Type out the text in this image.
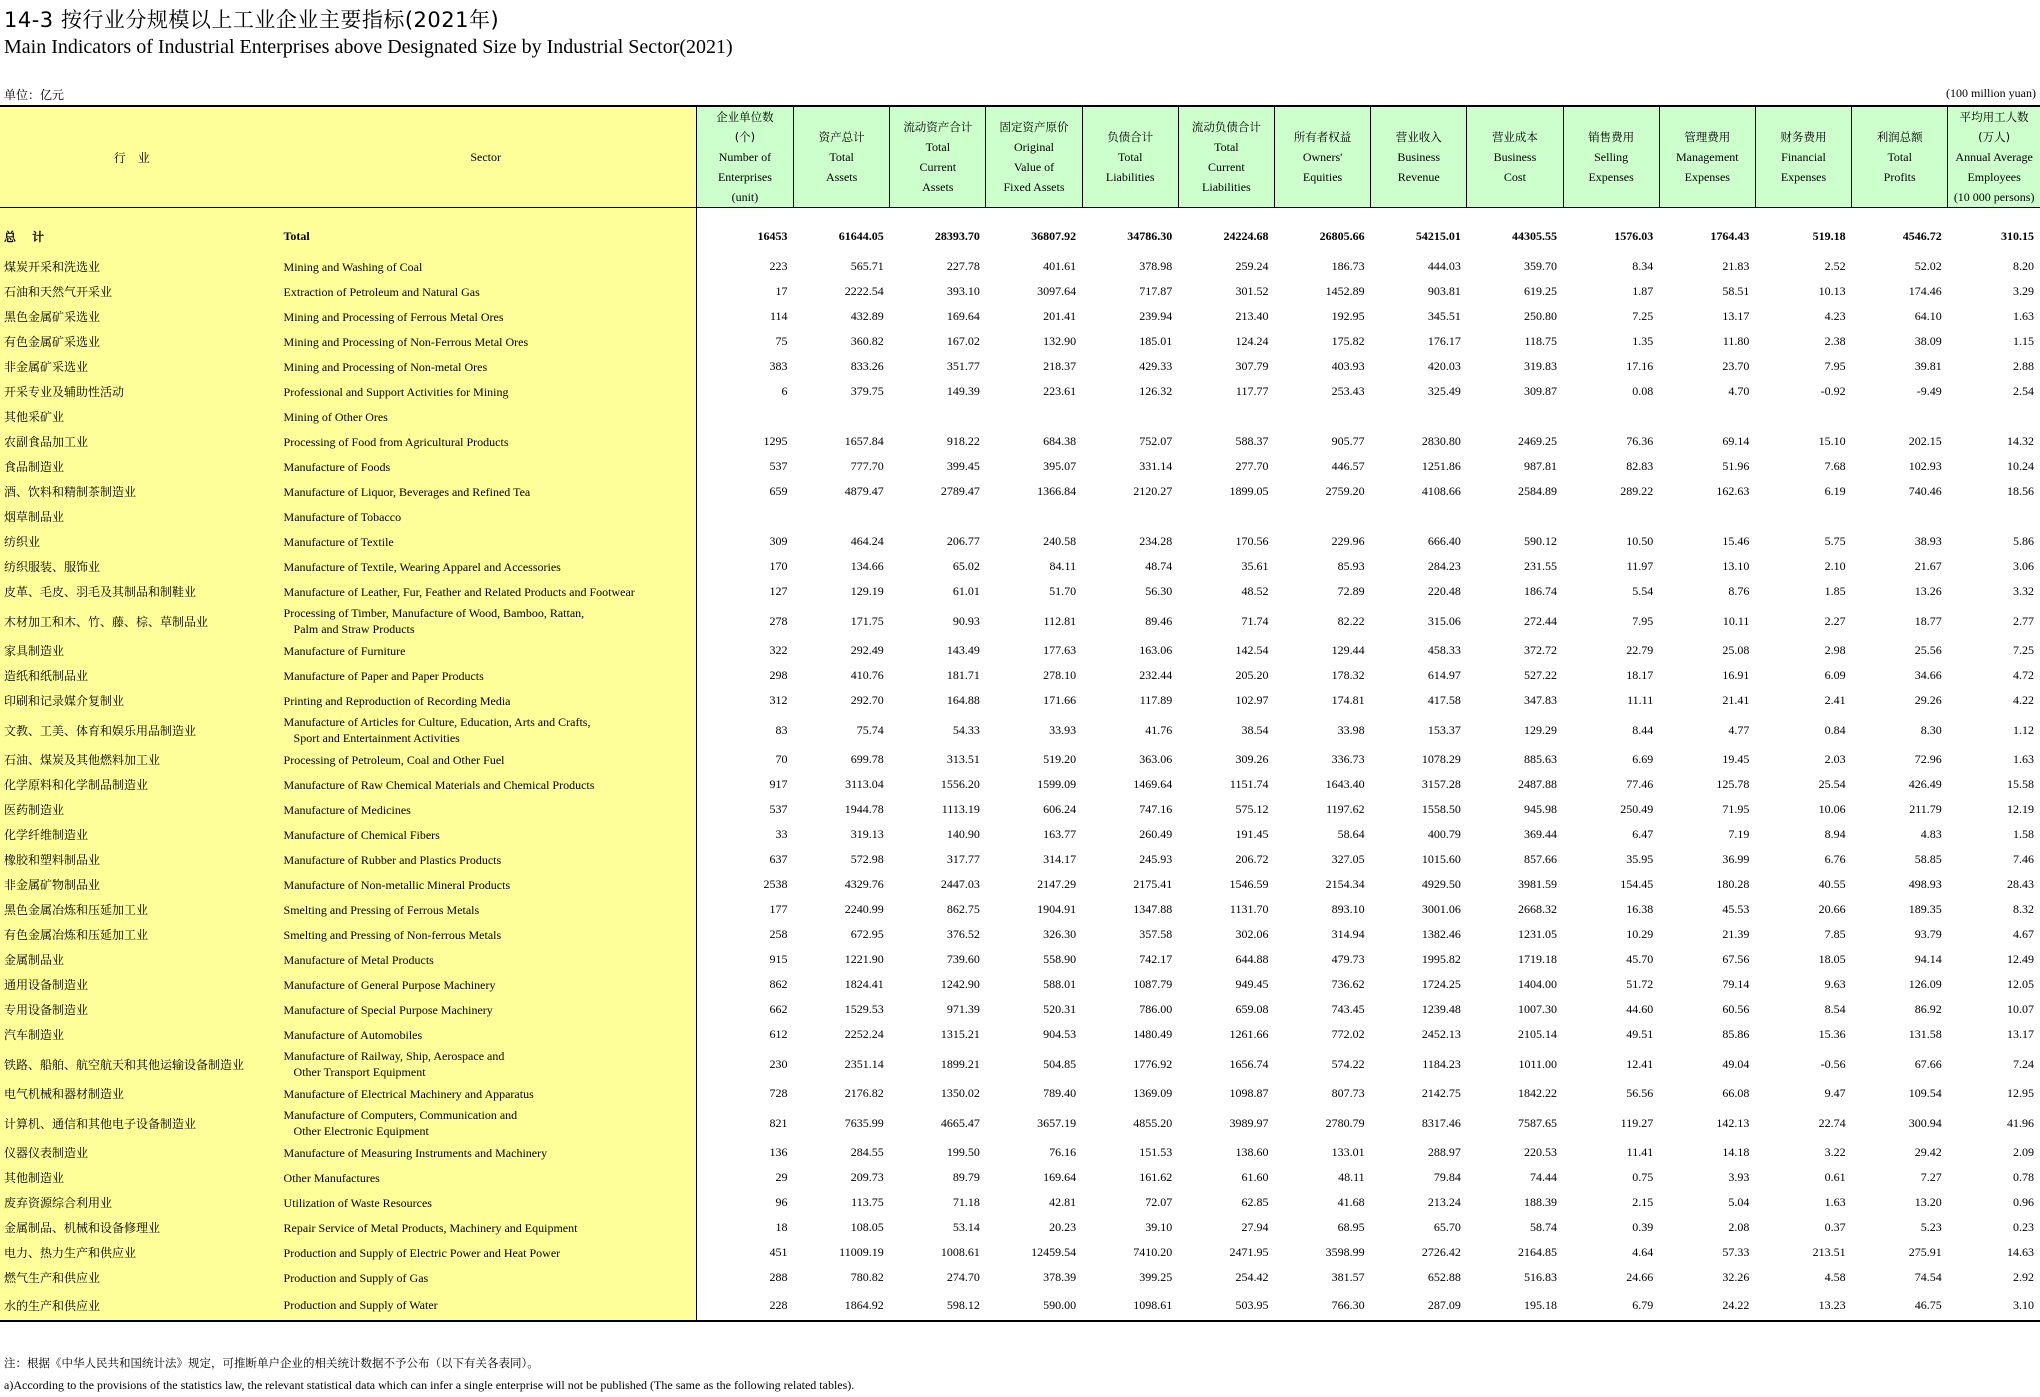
14-3 按行业分规模以上工业企业主要指标(2021年)
Main Indicators of Industrial Enterprises above Designated Size by Industrial Sector(2021)
单位：亿元	(100 million yuan)
行业	Sector	企业单位数
(个)
Number of
Enterprises
(unit)	资产总计
Total
Assets	流动资产合计
Total
Current
Assets	固定资产原价
Original
Value of
Fixed Assets	负债合计
Total
Liabilities	流动负债合计
Total
Current
Liabilities	所有者权益
Owners'
Equities	营业收入
Business
Revenue	营业成本
Business
Cost	销售费用
Selling
Expenses	管理费用
Management
Expenses	财务费用
Financial
Expenses	利润总额
Total
Profits	平均用工人数
(万人)
Annual Average
Employees
(10 000 persons)

总 计	Total	16453	61644.05	28393.70	36807.92	34786.30	24224.68	26805.66	54215.01	44305.55	1576.03	1764.43	519.18	4546.72	310.15
煤炭开采和洗选业	Mining and Washing of Coal	223	565.71	227.78	401.61	378.98	259.24	186.73	444.03	359.70	8.34	21.83	2.52	52.02	8.20
石油和天然气开采业	Extraction of Petroleum and Natural Gas	17	2222.54	393.10	3097.64	717.87	301.52	1452.89	903.81	619.25	1.87	58.51	10.13	174.46	3.29
黑色金属矿采选业	Mining and Processing of Ferrous Metal Ores	114	432.89	169.64	201.41	239.94	213.40	192.95	345.51	250.80	7.25	13.17	4.23	64.10	1.63
有色金属矿采选业	Mining and Processing of Non-Ferrous Metal Ores	75	360.82	167.02	132.90	185.01	124.24	175.82	176.17	118.75	1.35	11.80	2.38	38.09	1.15
非金属矿采选业	Mining and Processing of Non-metal Ores	383	833.26	351.77	218.37	429.33	307.79	403.93	420.03	319.83	17.16	23.70	7.95	39.81	2.88
开采专业及辅助性活动	Professional and Support Activities for Mining	6	379.75	149.39	223.61	126.32	117.77	253.43	325.49	309.87	0.08	4.70	-0.92	-9.49	2.54
其他采矿业	Mining of Other Ores														
农副食品加工业	Processing of Food from Agricultural Products	1295	1657.84	918.22	684.38	752.07	588.37	905.77	2830.80	2469.25	76.36	69.14	15.10	202.15	14.32
食品制造业	Manufacture of Foods	537	777.70	399.45	395.07	331.14	277.70	446.57	1251.86	987.81	82.83	51.96	7.68	102.93	10.24
酒、饮料和精制茶制造业	Manufacture of Liquor, Beverages and Refined Tea	659	4879.47	2789.47	1366.84	2120.27	1899.05	2759.20	4108.66	2584.89	289.22	162.63	6.19	740.46	18.56
烟草制品业	Manufacture of Tobacco														
纺织业	Manufacture of Textile	309	464.24	206.77	240.58	234.28	170.56	229.96	666.40	590.12	10.50	15.46	5.75	38.93	5.86
纺织服装、服饰业	Manufacture of Textile, Wearing Apparel and Accessories	170	134.66	65.02	84.11	48.74	35.61	85.93	284.23	231.55	11.97	13.10	2.10	21.67	3.06
皮革、毛皮、羽毛及其制品和制鞋业	Manufacture of Leather, Fur, Feather and Related Products and Footwear	127	129.19	61.01	51.70	56.30	48.52	72.89	220.48	186.74	5.54	8.76	1.85	13.26	3.32
木材加工和木、竹、藤、棕、草制品业	Processing of Timber, Manufacture of Wood, Bamboo, Rattan,
Palm and Straw Products	278	171.75	90.93	112.81	89.46	71.74	82.22	315.06	272.44	7.95	10.11	2.27	18.77	2.77
家具制造业	Manufacture of Furniture	322	292.49	143.49	177.63	163.06	142.54	129.44	458.33	372.72	22.79	25.08	2.98	25.56	7.25
造纸和纸制品业	Manufacture of Paper and Paper Products	298	410.76	181.71	278.10	232.44	205.20	178.32	614.97	527.22	18.17	16.91	6.09	34.66	4.72
印刷和记录媒介复制业	Printing and Reproduction of Recording Media	312	292.70	164.88	171.66	117.89	102.97	174.81	417.58	347.83	11.11	21.41	2.41	29.26	4.22
文教、工美、体育和娱乐用品制造业	Manufacture of Articles for Culture, Education, Arts and Crafts,
Sport and Entertainment Activities	83	75.74	54.33	33.93	41.76	38.54	33.98	153.37	129.29	8.44	4.77	0.84	8.30	1.12
石油、煤炭及其他燃料加工业	Processing of Petroleum, Coal and Other Fuel	70	699.78	313.51	519.20	363.06	309.26	336.73	1078.29	885.63	6.69	19.45	2.03	72.96	1.63
化学原料和化学制品制造业	Manufacture of Raw Chemical Materials and Chemical Products	917	3113.04	1556.20	1599.09	1469.64	1151.74	1643.40	3157.28	2487.88	77.46	125.78	25.54	426.49	15.58
医药制造业	Manufacture of Medicines	537	1944.78	1113.19	606.24	747.16	575.12	1197.62	1558.50	945.98	250.49	71.95	10.06	211.79	12.19
化学纤维制造业	Manufacture of Chemical Fibers	33	319.13	140.90	163.77	260.49	191.45	58.64	400.79	369.44	6.47	7.19	8.94	4.83	1.58
橡胶和塑料制品业	Manufacture of Rubber and Plastics Products	637	572.98	317.77	314.17	245.93	206.72	327.05	1015.60	857.66	35.95	36.99	6.76	58.85	7.46
非金属矿物制品业	Manufacture of Non-metallic Mineral Products	2538	4329.76	2447.03	2147.29	2175.41	1546.59	2154.34	4929.50	3981.59	154.45	180.28	40.55	498.93	28.43
黑色金属冶炼和压延加工业	Smelting and Pressing of Ferrous Metals	177	2240.99	862.75	1904.91	1347.88	1131.70	893.10	3001.06	2668.32	16.38	45.53	20.66	189.35	8.32
有色金属冶炼和压延加工业	Smelting and Pressing of Non-ferrous Metals	258	672.95	376.52	326.30	357.58	302.06	314.94	1382.46	1231.05	10.29	21.39	7.85	93.79	4.67
金属制品业	Manufacture of Metal Products	915	1221.90	739.60	558.90	742.17	644.88	479.73	1995.82	1719.18	45.70	67.56	18.05	94.14	12.49
通用设备制造业	Manufacture of General Purpose Machinery	862	1824.41	1242.90	588.01	1087.79	949.45	736.62	1724.25	1404.00	51.72	79.14	9.63	126.09	12.05
专用设备制造业	Manufacture of Special Purpose Machinery	662	1529.53	971.39	520.31	786.00	659.08	743.45	1239.48	1007.30	44.60	60.56	8.54	86.92	10.07
汽车制造业	Manufacture of Automobiles	612	2252.24	1315.21	904.53	1480.49	1261.66	772.02	2452.13	2105.14	49.51	85.86	15.36	131.58	13.17
铁路、船舶、航空航天和其他运输设备制造业	Manufacture of Railway, Ship, Aerospace and
Other Transport Equipment	230	2351.14	1899.21	504.85	1776.92	1656.74	574.22	1184.23	1011.00	12.41	49.04	-0.56	67.66	7.24
电气机械和器材制造业	Manufacture of Electrical Machinery and Apparatus	728	2176.82	1350.02	789.40	1369.09	1098.87	807.73	2142.75	1842.22	56.56	66.08	9.47	109.54	12.95
计算机、通信和其他电子设备制造业	Manufacture of Computers, Communication and
Other Electronic Equipment	821	7635.99	4665.47	3657.19	4855.20	3989.97	2780.79	8317.46	7587.65	119.27	142.13	22.74	300.94	41.96
仪器仪表制造业	Manufacture of Measuring Instruments and Machinery	136	284.55	199.50	76.16	151.53	138.60	133.01	288.97	220.53	11.41	14.18	3.22	29.42	2.09
其他制造业	Other Manufactures	29	209.73	89.79	169.64	161.62	61.60	48.11	79.84	74.44	0.75	3.93	0.61	7.27	0.78
废弃资源综合利用业	Utilization of Waste Resources	96	113.75	71.18	42.81	72.07	62.85	41.68	213.24	188.39	2.15	5.04	1.63	13.20	0.96
金属制品、机械和设备修理业	Repair Service of Metal Products, Machinery and Equipment	18	108.05	53.14	20.23	39.10	27.94	68.95	65.70	58.74	0.39	2.08	0.37	5.23	0.23
电力、热力生产和供应业	Production and Supply of Electric Power and Heat Power	451	11009.19	1008.61	12459.54	7410.20	2471.95	3598.99	2726.42	2164.85	4.64	57.33	213.51	275.91	14.63
燃气生产和供应业	Production and Supply of Gas	288	780.82	274.70	378.39	399.25	254.42	381.57	652.88	516.83	24.66	32.26	4.58	74.54	2.92
水的生产和供应业	Production and Supply of Water	228	1864.92	598.12	590.00	1098.61	503.95	766.30	287.09	195.18	6.79	24.22	13.23	46.75	3.10
注：根据《中华人民共和国统计法》规定，可推断单户企业的相关统计数据不予公布（以下有关各表同）。
a)According to the provisions of the statistics law, the relevant statistical data which can infer a single enterprise will not be published (The same as the following related tables).
